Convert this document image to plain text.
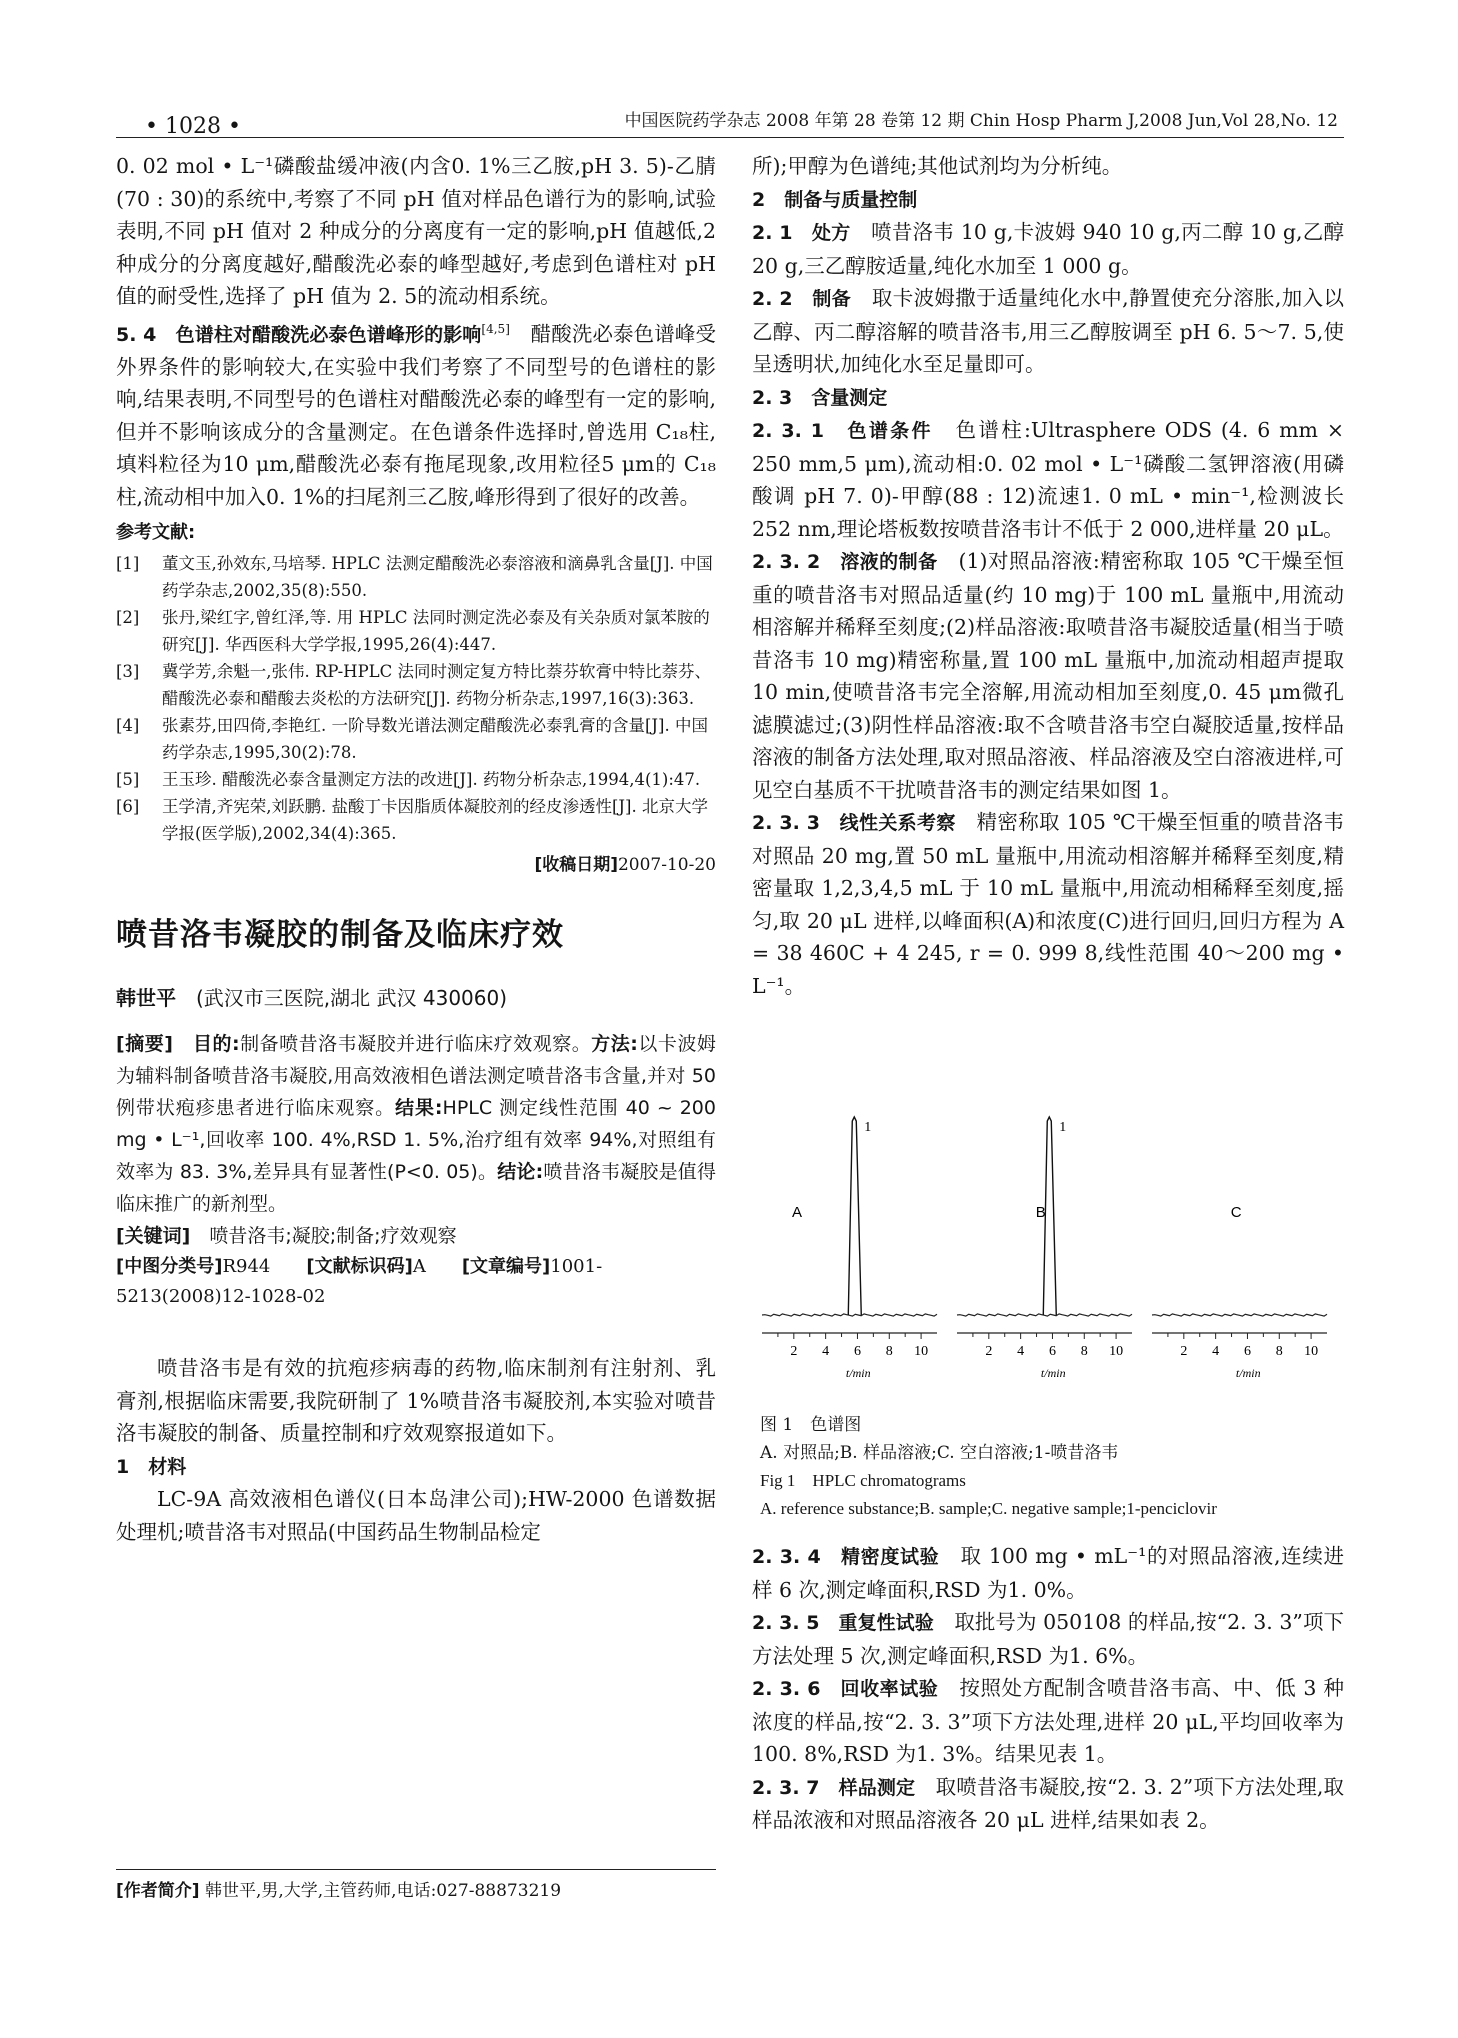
• 1028 •	中国医院药学杂志 2008 年第 28 卷第 12 期 Chin Hosp Pharm J,2008 Jun,Vol 28,No. 12

0. 02 mol • L⁻¹磷酸盐缓冲液(内含0. 1%三乙胺,pH 3. 5)-乙腈(70 : 30)的系统中,考察了不同 pH 值对样品色谱行为的影响,试验表明,不同 pH 值对 2 种成分的分离度有一定的影响,pH 值越低,2 种成分的分离度越好,醋酸洗必泰的峰型越好,考虑到色谱柱对 pH 值的耐受性,选择了 pH 值为 2. 5的流动相系统。

5. 4　色谱柱对醋酸洗必泰色谱峰形的影响[4,5]　醋酸洗必泰色谱峰受外界条件的影响较大,在实验中我们考察了不同型号的色谱柱的影响,结果表明,不同型号的色谱柱对醋酸洗必泰的峰型有一定的影响,但并不影响该成分的含量测定。在色谱条件选择时,曾选用 C₁₈柱,填料粒径为10 μm,醋酸洗必泰有拖尾现象,改用粒径5 μm的 C₁₈柱,流动相中加入0. 1%的扫尾剂三乙胺,峰形得到了很好的改善。

参考文献:

[1] 董文玉,孙效东,马培琴. HPLC 法测定醋酸洗必泰溶液和滴鼻乳含量[J]. 中国药学杂志,2002,35(8):550.

[2] 张丹,梁红字,曾红泽,等. 用 HPLC 法同时测定洗必泰及有关杂质对氯苯胺的研究[J]. 华西医科大学学报,1995,26(4):447.

[3] 冀学芳,余魁一,张伟. RP-HPLC 法同时测定复方特比萘芬软膏中特比萘芬、醋酸洗必泰和醋酸去炎松的方法研究[J]. 药物分析杂志,1997,16(3):363.

[4] 张素芬,田四倚,李艳红. 一阶导数光谱法测定醋酸洗必泰乳膏的含量[J]. 中国药学杂志,1995,30(2):78.

[5] 王玉珍. 醋酸洗必泰含量测定方法的改进[J]. 药物分析杂志,1994,4(1):47.

[6] 王学清,齐宪荣,刘跃鹏. 盐酸丁卡因脂质体凝胶剂的经皮渗透性[J]. 北京大学学报(医学版),2002,34(4):365.

[收稿日期]2007-10-20

喷昔洛韦凝胶的制备及临床疗效

韩世平　(武汉市三医院,湖北 武汉 430060)

[摘要]　 目的:制备喷昔洛韦凝胶并进行临床疗效观察。方法:以卡波姆为辅料制备喷昔洛韦凝胶,用高效液相色谱法测定喷昔洛韦含量,并对 50 例带状疱疹患者进行临床观察。结果:HPLC 测定线性范围 40 ~ 200 mg • L⁻¹,回收率 100. 4%,RSD 1. 5%,治疗组有效率 94%,对照组有效率为 83. 3%,差异具有显著性(P<0. 05)。结论:喷昔洛韦凝胶是值得临床推广的新剂型。

[关键词]　喷昔洛韦;凝胶;制备;疗效观察

[中图分类号]R944　　 [文献标识码]A　　 [文章编号]1001-5213(2008)12-1028-02

喷昔洛韦是有效的抗疱疹病毒的药物,临床制剂有注射剂、乳膏剂,根据临床需要,我院研制了 1%喷昔洛韦凝胶剂,本实验对喷昔洛韦凝胶的制备、质量控制和疗效观察报道如下。

1　材料

LC-9A 高效液相色谱仪(日本岛津公司);HW-2000 色谱数据处理机;喷昔洛韦对照品(中国药品生物制品检定

所);甲醇为色谱纯;其他试剂均为分析纯。

2　制备与质量控制

2. 1　处方　喷昔洛韦 10 g,卡波姆 940 10 g,丙二醇 10 g,乙醇 20 g,三乙醇胺适量,纯化水加至 1 000 g。

2. 2　制备　取卡波姆撒于适量纯化水中,静置使充分溶胀,加入以乙醇、丙二醇溶解的喷昔洛韦,用三乙醇胺调至 pH 6. 5～7. 5,使呈透明状,加纯化水至足量即可。

2. 3　含量测定

2. 3. 1　色谱条件　色谱柱:Ultrasphere ODS (4. 6 mm × 250 mm,5 μm),流动相:0. 02 mol • L⁻¹磷酸二氢钾溶液(用磷酸调 pH 7. 0)-甲醇(88 : 12)流速1. 0 mL • min⁻¹,检测波长 252 nm,理论塔板数按喷昔洛韦计不低于 2 000,进样量 20 μL。

2. 3. 2　溶液的制备　(1)对照品溶液:精密称取 105 ℃干燥至恒重的喷昔洛韦对照品适量(约 10 mg)于 100 mL 量瓶中,用流动相溶解并稀释至刻度;(2)样品溶液:取喷昔洛韦凝胶适量(相当于喷昔洛韦 10 mg)精密称量,置 100 mL 量瓶中,加流动相超声提取 10 min,使喷昔洛韦完全溶解,用流动相加至刻度,0. 45 μm微孔滤膜滤过;(3)阴性样品溶液:取不含喷昔洛韦空白凝胶适量,按样品溶液的制备方法处理,取对照品溶液、样品溶液及空白溶液进样,可见空白基质不干扰喷昔洛韦的测定结果如图 1。

2. 3. 3　线性关系考察　精密称取 105 ℃干燥至恒重的喷昔洛韦对照品 20 mg,置 50 mL 量瓶中,用流动相溶解并稀释至刻度,精密量取 1,2,3,4,5 mL 于 10 mL 量瓶中,用流动相稀释至刻度,摇匀,取 20 μL 进样,以峰面积(A)和浓度(C)进行回归,回归方程为 A = 38 460C + 4 245, r = 0. 999 8,线性范围 40～200 mg • L⁻¹。

1
A
2 4 6 8 10
t/min
1
B
2 4 6 8 10
t/min
C
2 4 6 8 10
t/min
图 1　色谱图
A. 对照品;B. 样品溶液;C. 空白溶液;1-喷昔洛韦
Fig 1　HPLC chromatograms
A. reference substance;B. sample;C. negative sample;1-penciclovir

2. 3. 4　精密度试验　取 100 mg • mL⁻¹的对照品溶液,连续进样 6 次,测定峰面积,RSD 为1. 0%。

2. 3. 5　重复性试验　取批号为 050108 的样品,按“2. 3. 3”项下方法处理 5 次,测定峰面积,RSD 为1. 6%。

2. 3. 6　回收率试验　按照处方配制含喷昔洛韦高、中、低 3 种浓度的样品,按“2. 3. 3”项下方法处理,进样 20 μL,平均回收率为100. 8%,RSD 为1. 3%。结果见表 1。

2. 3. 7　样品测定　取喷昔洛韦凝胶,按“2. 3. 2”项下方法处理,取样品浓液和对照品溶液各 20 μL 进样,结果如表 2。

[作者简介] 韩世平,男,大学,主管药师,电话:027-88873219
